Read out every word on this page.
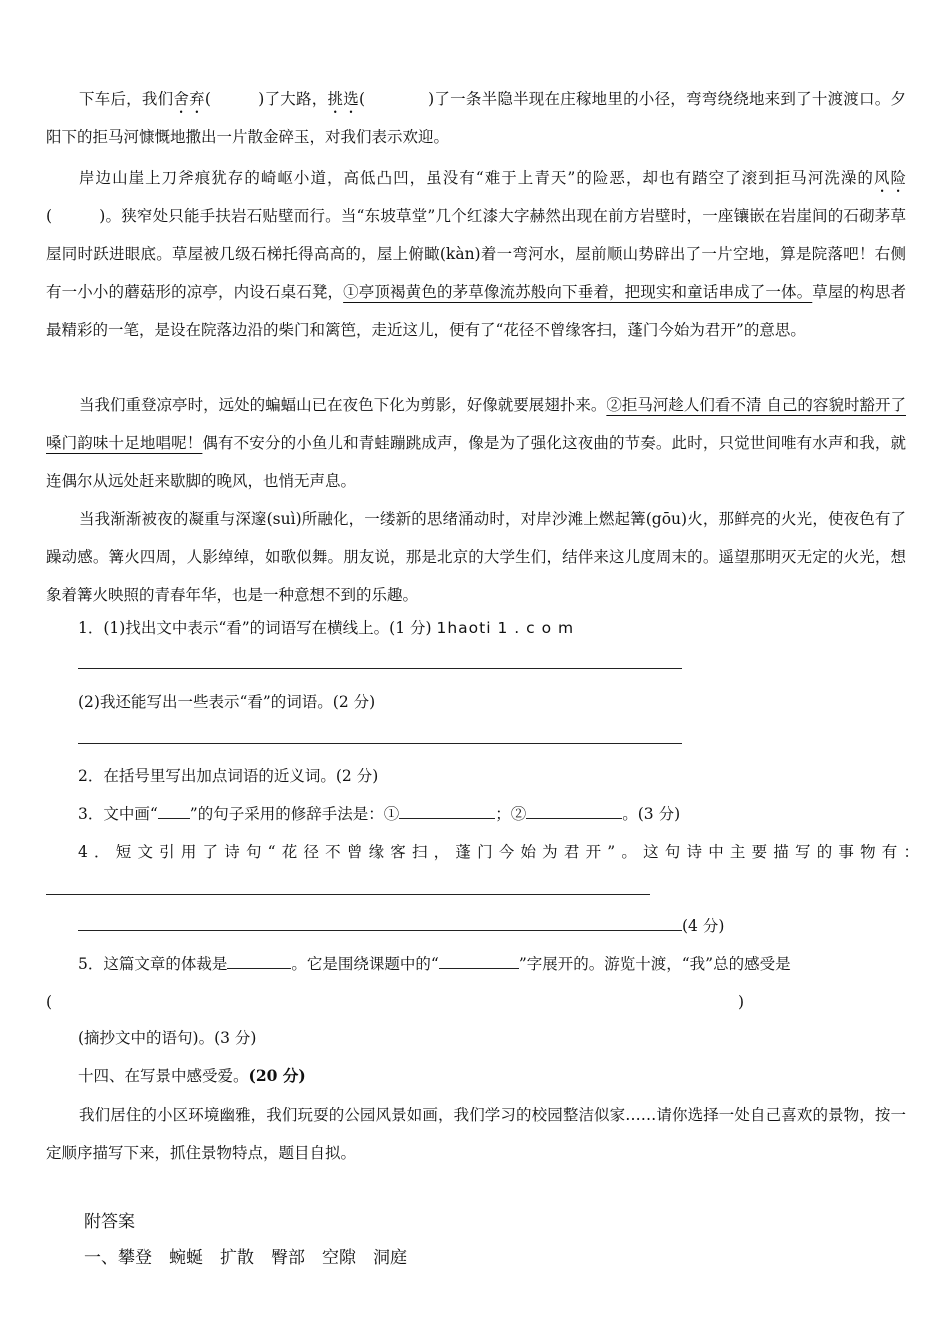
下车后，我们舍弃(　　　)了大路，挑选(　　　　)了一条半隐半现在庄稼地里的小径，弯弯绕绕地来到了十渡渡口。夕阳下的拒马河慷慨地撒出一片散金碎玉，对我们表示欢迎。

岸边山崖上刀斧痕犹存的崎岖小道，高低凸凹，虽没有“难于上青天”的险恶，却也有踏空了滚到拒马河洗澡的风险(　　　)。狭窄处只能手扶岩石贴壁而行。当“东坡草堂”几个红漆大字赫然出现在前方岩壁时，一座镶嵌在岩崖间的石砌茅草屋同时跃进眼底。草屋被几级石梯托得高高的，屋上俯瞰(kàn)着一弯河水，屋前顺山势辟出了一片空地，算是院落吧！右侧有一小小的蘑菇形的凉亭，内设石桌石凳，①亭顶褐黄色的茅草像流苏般向下垂着，把现实和童话串成了一体。草屋的构思者最精彩的一笔，是设在院落边沿的柴门和篱笆，走近这儿，便有了“花径不曾缘客扫，蓬门今始为君开”的意思。

当我们重登凉亭时，远处的蝙蝠山已在夜色下化为剪影，好像就要展翅扑来。②拒马河趁人们看不清 自己的容貌时豁开了嗓门韵味十足地唱呢！偶有不安分的小鱼儿和青蛙蹦跳成声，像是为了强化这夜曲的节奏。此时，只觉世间唯有水声和我，就连偶尔从远处赶来歇脚的晚风，也悄无声息。

当我渐渐被夜的凝重与深邃(suì)所融化，一缕新的思绪涌动时，对岸沙滩上燃起篝(gōu)火，那鲜亮的火光，使夜色有了躁动感。篝火四周，人影绰绰，如歌似舞。朋友说，那是北京的大学生们，结伴来这儿度周末的。遥望那明灭无定的火光，想象着篝火映照的青春年华，也是一种意想不到的乐趣。

1．(1)找出文中表示“看”的词语写在横线上。(1 分) 1haoti 1 . c o m

(2)我还能写出一些表示“看”的词语。(2 分)

2．在括号里写出加点词语的近义词。(2 分)

3．文中画“ ”的句子采用的修辞手法是：①	；②	。(3 分)

4．短文引用了诗句“花径不曾缘客扫，蓬门今始为君开”。这句诗中主要描写的事物有：

(4 分)

5．这篇文章的体裁是	。它是围绕课题中的“	”字展开的。游览十渡，“我”总的感受是

(	)

(摘抄文中的语句)。(3 分)

十四、在写景中感受爱。(20 分)

我们居住的小区环境幽雅，我们玩耍的公园风景如画，我们学习的校园整洁似家……请你选择一处自己喜欢的景物，按一定顺序描写下来，抓住景物特点，题目自拟。

附答案

一、攀登　蜿蜒　扩散　臀部　空隙　洞庭
